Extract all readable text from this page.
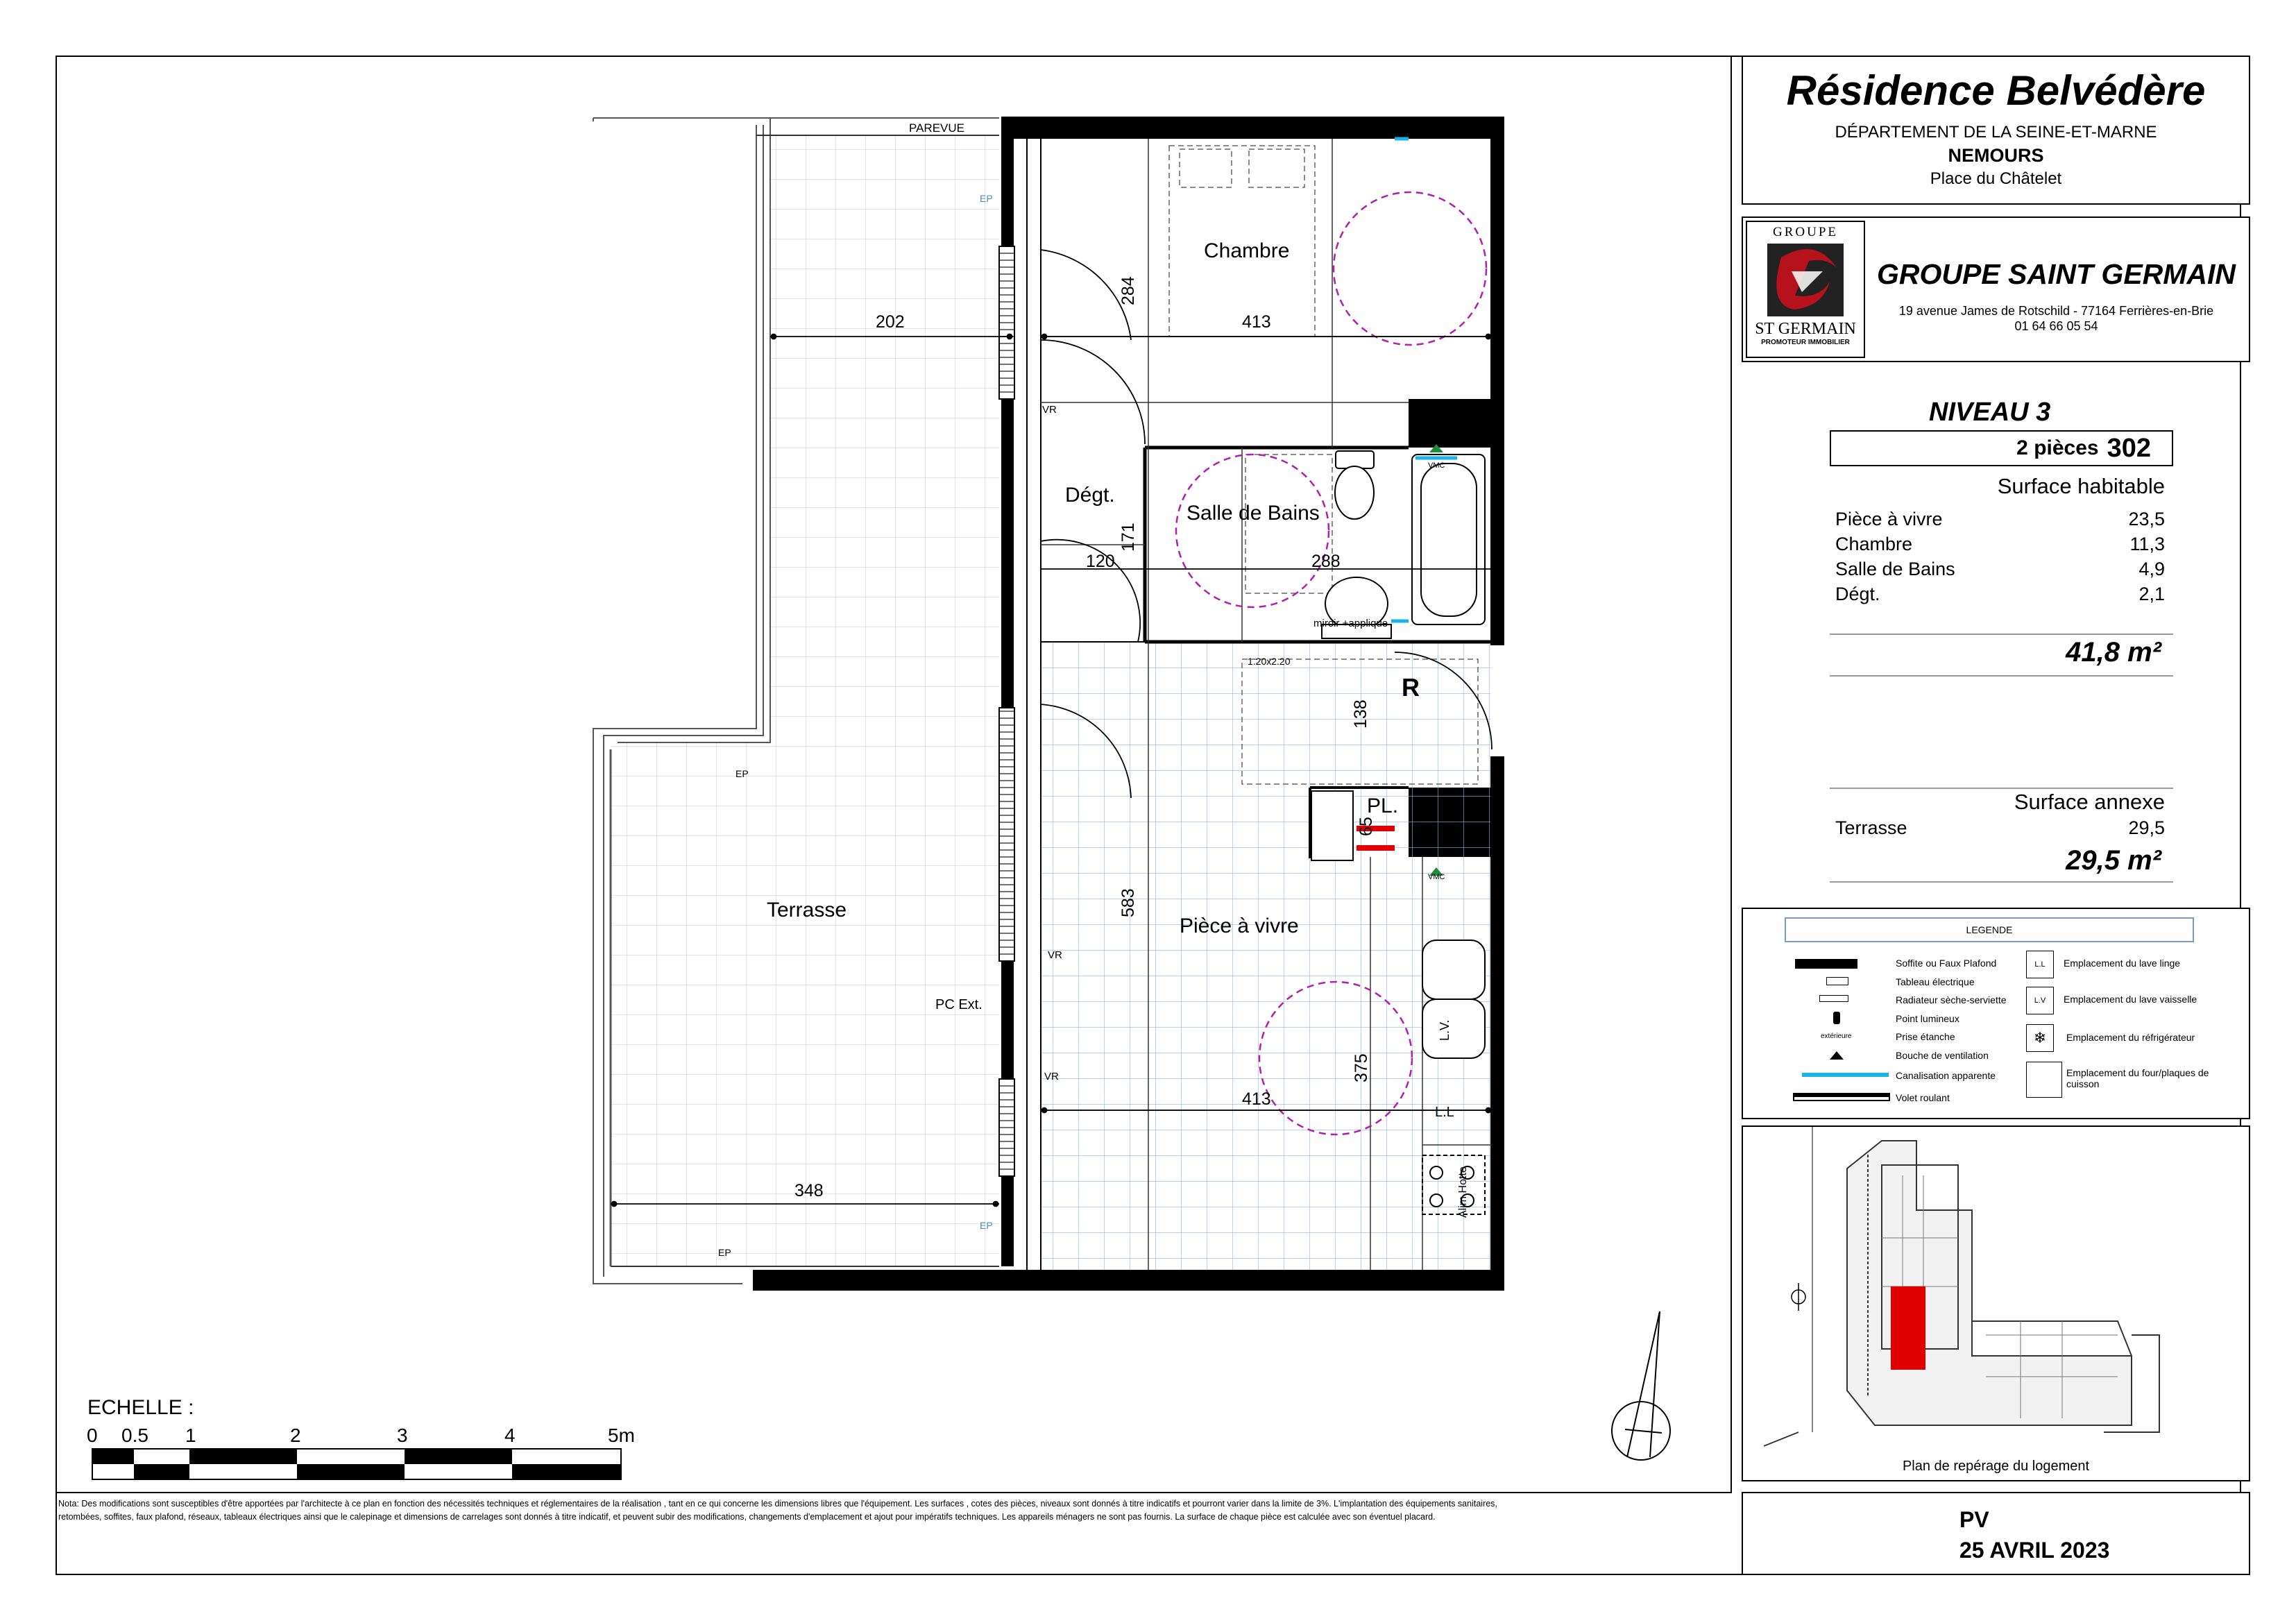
Chambre
Salle de Bains
Dégt.
Pièce à vivre
Terrasse
PL.
PAREVUE
EP
EP
EP
EP
VR
VR
VR
VMC
VMC
PC Ext.
R
1.20x2.20
miroir +applique
L.L
L.V.
Alim Hotte
202	413
284
120
171
288
138
65
583
375
413
348
ECHELLE :
0 0.5 1	2	3	4	5m
Nota: Des modifications sont susceptibles d'être apportées par l'architecte à ce plan en fonction des nécessités techniques et réglementaires de la réalisation , tant en ce qui concerne les dimensions libres que l'équipement. Les surfaces , cotes des pièces, niveaux sont donnés à titre indicatifs et pourront varier dans la limite de 3%. L'implantation des équipements sanitaires,
retombées, soffites, faux plafond, réseaux, tableaux électriques ainsi que le calepinage et dimensions de carrelages sont donnés à titre indicatif, et peuvent subir des modifications, changements d'emplacement et ajout pour impératifs techniques. Les appareils ménagers ne sont pas fournis. La surface de chaque pièce est calculée avec son éventuel placard.
Résidence Belvédère
DÉPARTEMENT DE LA SEINE-ET-MARNE
NEMOURS
Place du Châtelet
GROUPE
ST GERMAIN
PROMOTEUR IMMOBILIER
GROUPE SAINT GERMAIN
19 avenue James de Rotschild - 77164 Ferrières-en-Brie
01 64 66 05 54
NIVEAU 3
2 pièces 302
Surface habitable
Pièce à vivre	23,5
Chambre	11,3
Salle de Bains	4,9
Dégt.	2,1
41,8 m²
Surface annexe
Terrasse	29,5
29,5 m²
LEGENDE
extérieure
Soffite ou Faux Plafond
Tableau électrique
Radiateur sèche-serviette
Point lumineux
Prise étanche
Bouche de ventilation
Canalisation apparente
Volet roulant
L.L
L.V
❄
Emplacement du lave linge
Emplacement du lave vaisselle
Emplacement du réfrigérateur
Emplacement du four/plaques de cuisson
Plan de repérage du logement
PV
25 AVRIL 2023
